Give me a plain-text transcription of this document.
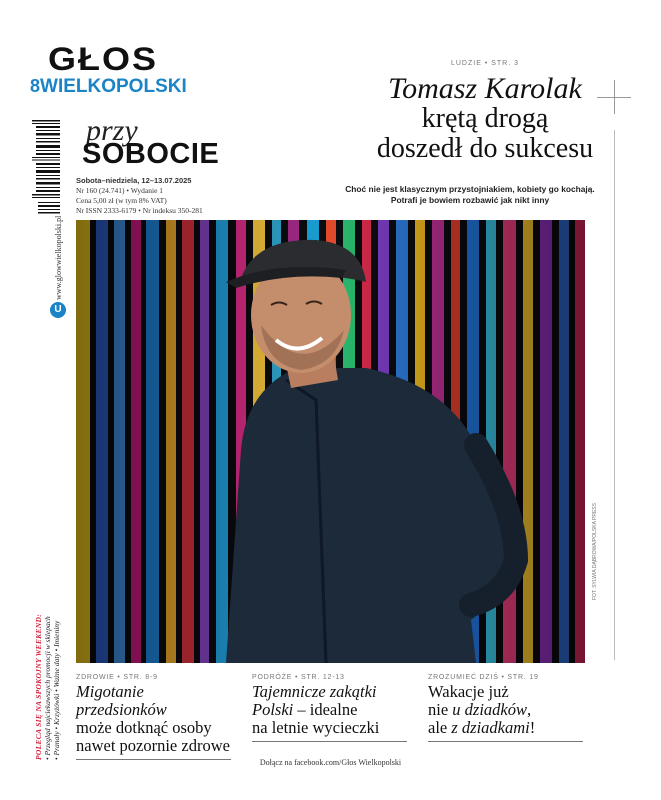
GŁOS
8WIELKOPOLSKI
przy
SOBOCIE
Sobota–niedziela, 12–13.07.2025
Nr 160 (24.741) • Wydanie 1
Cena 5,00 zł (w tym 8% VAT)
Nr ISSN 2333-6179 • Nr indeksu 350-281
www.glowwielkopolski.pl
U
POLECA SIĘ NA SPOKOJNY WEEKEND: • Przegląd najciekawszych promocji w sklepach • Pranały • Krzyżówki • Ważne daty • Imieniny
LUDZIE • STR. 3
Tomasz Karolak
krętą drogą
doszedł do sukcesu
Choć nie jest klasycznym przystojniakiem, kobiety go kochają.
Potrafi je bowiem rozbawić jak nikt inny
FOT. SYLWIA DĄBROWA/POLSKA PRESS
ZDROWIE • STR. 8-9
Migotanie przedsionków
może dotknąć osoby
nawet pozornie zdrowe
PODRÓŻE • STR. 12-13
Tajemnicze zakątki
Polski – idealne
na letnie wycieczki
ZROZUMIEĆ DZIŚ • STR. 19
Wakacje już
nie u dziadków,
ale z dziadkami!
Dołącz na facebook.com/Głos Wielkopolski
